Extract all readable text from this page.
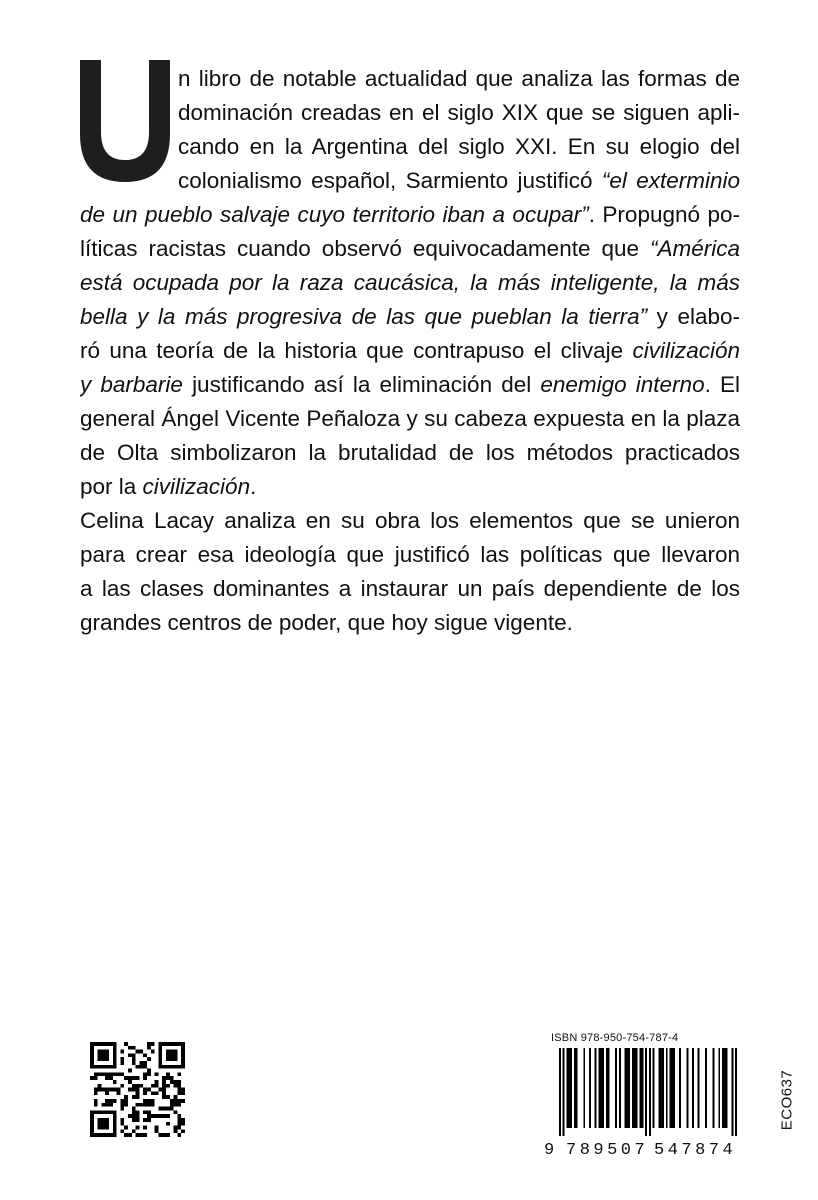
n libro de notable actualidad que analiza las formas de
dominación creadas en el siglo XIX que se siguen apli-
cando en la Argentina del siglo XXI. En su elogio del
colonialismo español, Sarmiento justificó “el exterminio
de un pueblo salvaje cuyo territorio iban a ocupar”. Propugnó po-
líticas racistas cuando observó equivocadamente que “América
está ocupada por la raza caucásica, la más inteligente, la más
bella y la más progresiva de las que pueblan la tierra” y elabo-
ró una teoría de la historia que contrapuso el clivaje civilización
y barbarie justificando así la eliminación del enemigo interno. El
general Ángel Vicente Peñaloza y su cabeza expuesta en la plaza
de Olta simbolizaron la brutalidad de los métodos practicados
por la civilización.
Celina Lacay analiza en su obra los elementos que se unieron
para crear esa ideología que justificó las políticas que llevaron
a las clases dominantes a instaurar un país dependiente de los
grandes centros de poder, que hoy sigue vigente.
ISBN 978-950-754-787-4
9 789507 547874
ECO637
